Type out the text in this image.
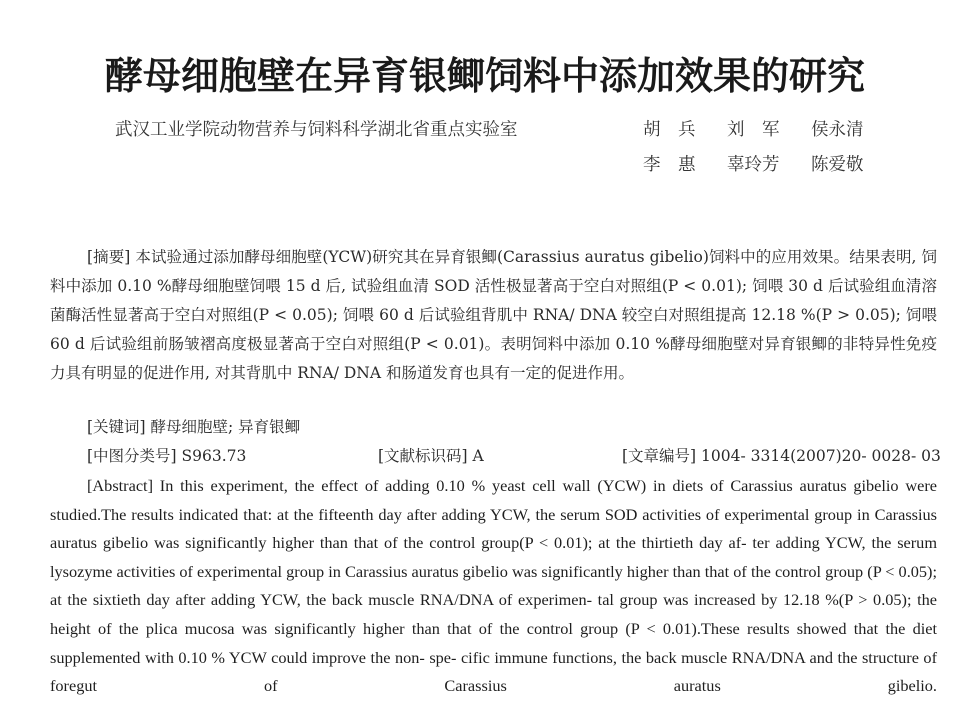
酵母细胞壁在异育银鲫饲料中添加效果的研究
武汉工业学院动物营养与饲料科学湖北省重点实验室	胡　兵 刘　军 侯永清
李　惠 辜玲芳 陈爱敬

[摘要] 本试验通过添加酵母细胞壁(YCW)研究其在异育银鲫(Carassius auratus gibelio)饲料中的应用效果。结果表明, 饲料中添加 0.10 %酵母细胞壁饲喂 15 d 后, 试验组血清 SOD 活性极显著高于空白对照组(P < 0.01); 饲喂 30 d 后试验组血清溶菌酶活性显著高于空白对照组(P < 0.05); 饲喂 60 d 后试验组背肌中 RNA/ DNA 较空白对照组提高 12.18 %(P > 0.05); 饲喂 60 d 后试验组前肠皱褶高度极显著高于空白对照组(P < 0.01)。表明饲料中添加 0.10 %酵母细胞壁对异育银鲫的非特异性免疫力具有明显的促进作用, 对其背肌中 RNA/ DNA 和肠道发育也具有一定的促进作用。

[关键词] 酵母细胞壁; 异育银鲫
[中图分类号] S963.73	[文献标识码] A	[文章编号] 1004- 3314(2007)20- 0028- 03

[Abstract] In this experiment, the effect of adding 0.10 % yeast cell wall (YCW) in diets of Carassius auratus gibelio were studied.The results indicated that: at the fifteenth day after adding YCW, the serum SOD activities of experimental group in Carassius auratus gibelio was significantly higher than that of the control group(P < 0.01); at the thirtieth day af- ter adding YCW, the serum lysozyme activities of experimental group in Carassius auratus gibelio was significantly higher than that of the control group (P < 0.05); at the sixtieth day after adding YCW, the back muscle RNA/DNA of experimen- tal group was increased by 12.18 %(P > 0.05); the height of the plica mucosa was significantly higher than that of the control group (P < 0.01).These results showed that the diet supplemented with 0.10 % YCW could improve the non- spe- cific immune functions, the back muscle RNA/DNA and the structure of foregut of Carassius auratus gibelio.
